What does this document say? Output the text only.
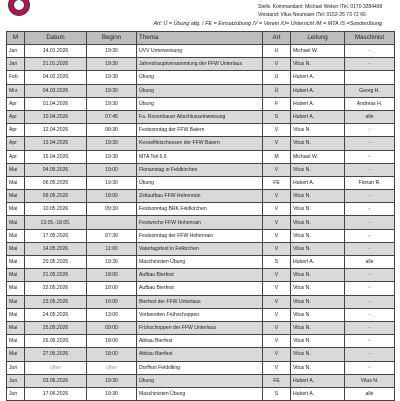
Stellv. Kommandant: Michael Weber /Tel. 0170 3284499
Vorstand: Vitus Neumaier /Tel. 0152-25 73 72 66
Art: Ü = Übung allg. / FE = Einsatzübung /V = Verein /U= Unterricht /M = MTA /S =Sonderübung
M	Datum	Beginn	Thema	Art	Leitung	Maschinist
Jan	14.01.2026	19:30	UVV Unterweisung	U	Michael W.	-
Jan	21.01.2026	19:30	Jahreshauptversammlung der FFW Unterlaus	V	Vitus N.	-
Feb	04.02.2026	19:30	Übung	U	Hubert A.	
Mrz	04.03.2026	19:30	Übung	Ü	Hubert A.	Georg H.
Apr	01.04.2026	19:30	Übung	F	Hubert A.	Andreas H.
Apr	10.04.2026	07:45	Fa. Rosenbauer Abschlusseinweisung	S	Hubert A.	alle
Apr	12.04.2026	08:30	Festsonntag der FFW Baiern	V	Vitus N.	-
Apr	13.04.2026	19:30	Kesselfleischessen der FFW Baiern	V	Vitus N.	-
Apr	15.04.2026	19:30	MTA Teil 5.6	M	Michael W.	-
Mai	04.05.2026	19:00	Florianstag in Feldkirchen	V	Vitus N.	-
Mai	06.05.2026	19:30	Übung	FE	Hubert A.	Florian R.
Mai	09.05.2026	18:00	Zeltaufbau FFW Hohenrain	V	Vitus N.	-
Mai	10.05.2026	09:30	Festsonntag BRK Feldkirchen	V	Vitus N.	-
Mai	13.05.-18.05.		Festwoche FFW Hohenrain	V	Vitus N.	-
Mai	17.05.2026	07:30	Festsonntag der FFW Hohenrain	V	Vitus N.	-
Mai	14.05.2026	11:00	Vatertagsfest in Felkirchen	V	Vitus N.	-
Mai	20.05.2026	19:30	Maschinisten Übung	S	Hubert A.	alle
Mai	21.05.2026	18:00	Aufbau Bierfest	V	Vitus N.	-
Mai	22.05.2026	18:00	Aufbau Bierfest	V	Vitus N.	-
Mai	23.05.2026	16:00	Bierfest der FFW Unterlaus	V	Vitus N.	-
Mai	24.05.2026	13:00	Vorbereiten Frühschoppen	V	Vitus N.	-
Mai	25.05.2026	09:00	Frühschoppen der FFW Unterlaus	V	Vitus N.	-
Mai	26.05.2026	18:00	Abbau Bierfest	V	Vitus N.	-
Mai	27.05.2026	18:00	Abbau Bierfest	V	Vitus N.	-
Jun	offen	offen	Dorffest Feldolling	V	Vitus N.	-
Jun	03.06.2026	19:30	Übung	FE	Hubert A.	Vitus N.
Jun	17.06.2026	19:30	Maschinisten Übung	S	Hubert A.	alle
